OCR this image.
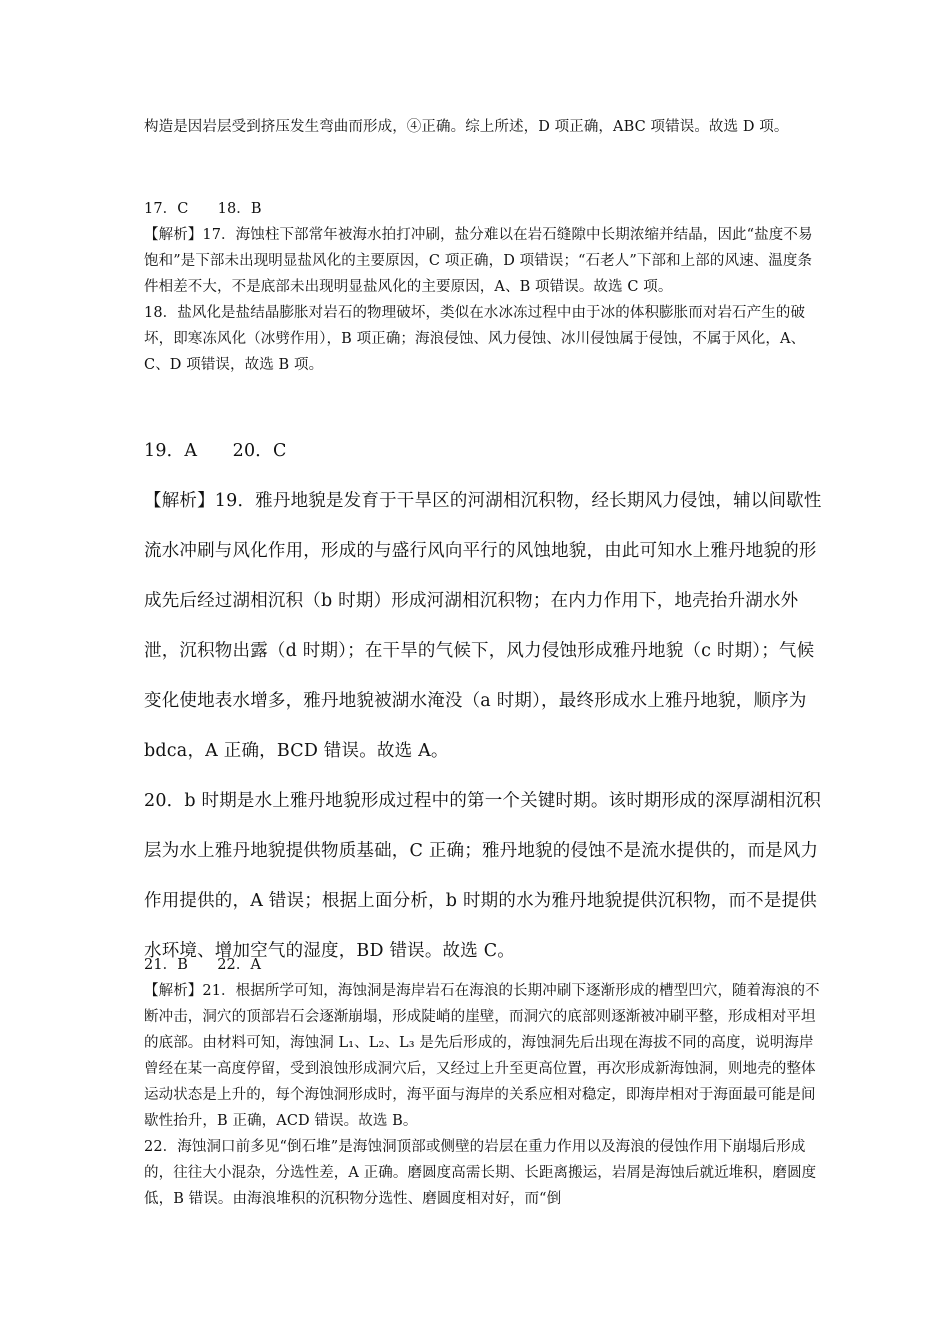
构造是因岩层受到挤压发生弯曲而形成，④正确。综上所述，D 项正确，ABC 项错误。故选 D 项。

17．C　　18．B

【解析】17．海蚀柱下部常年被海水拍打冲刷，盐分难以在岩石缝隙中长期浓缩并结晶，因此“盐度不易饱和”是下部未出现明显盐风化的主要原因，C 项正确，D 项错误；“石老人”下部和上部的风速、温度条件相差不大，不是底部未出现明显盐风化的主要原因，A、B 项错误。故选 C 项。

18．盐风化是盐结晶膨胀对岩石的物理破坏，类似在水冰冻过程中由于冰的体积膨胀而对岩石产生的破坏，即寒冻风化（冰劈作用），B 项正确；海浪侵蚀、风力侵蚀、冰川侵蚀属于侵蚀，不属于风化，A、C、D 项错误，故选 B 项。

19．A　　20．C

【解析】19．雅丹地貌是发育于干旱区的河湖相沉积物，经长期风力侵蚀，辅以间歇性流水冲刷与风化作用，形成的与盛行风向平行的风蚀地貌，由此可知水上雅丹地貌的形成先后经过湖相沉积（b 时期）形成河湖相沉积物；在内力作用下，地壳抬升湖水外泄，沉积物出露（d 时期）；在干旱的气候下，风力侵蚀形成雅丹地貌（c 时期）；气候变化使地表水增多，雅丹地貌被湖水淹没（a 时期），最终形成水上雅丹地貌，顺序为 bdca，A 正确，BCD 错误。故选 A。

20．b 时期是水上雅丹地貌形成过程中的第一个关键时期。该时期形成的深厚湖相沉积层为水上雅丹地貌提供物质基础，C 正确；雅丹地貌的侵蚀不是流水提供的，而是风力作用提供的，A 错误；根据上面分析，b 时期的水为雅丹地貌提供沉积物，而不是提供水环境、增加空气的湿度，BD 错误。故选 C。

21．B　　22．A

【解析】21．根据所学可知，海蚀洞是海岸岩石在海浪的长期冲刷下逐渐形成的槽型凹穴，随着海浪的不断冲击，洞穴的顶部岩石会逐渐崩塌，形成陡峭的崖壁，而洞穴的底部则逐渐被冲刷平整，形成相对平坦的底部。由材料可知，海蚀洞 L₁、L₂、L₃ 是先后形成的，海蚀洞先后出现在海拔不同的高度，说明海岸曾经在某一高度停留，受到浪蚀形成洞穴后，又经过上升至更高位置，再次形成新海蚀洞，则地壳的整体运动状态是上升的，每个海蚀洞形成时，海平面与海岸的关系应相对稳定，即海岸相对于海面最可能是间歇性抬升，B 正确，ACD 错误。故选 B。

22．海蚀洞口前多见“倒石堆”是海蚀洞顶部或侧壁的岩层在重力作用以及海浪的侵蚀作用下崩塌后形成的，往往大小混杂，分选性差，A 正确。磨圆度高需长期、长距离搬运，岩屑是海蚀后就近堆积，磨圆度低，B 错误。由海浪堆积的沉积物分选性、磨圆度相对好，而“倒
